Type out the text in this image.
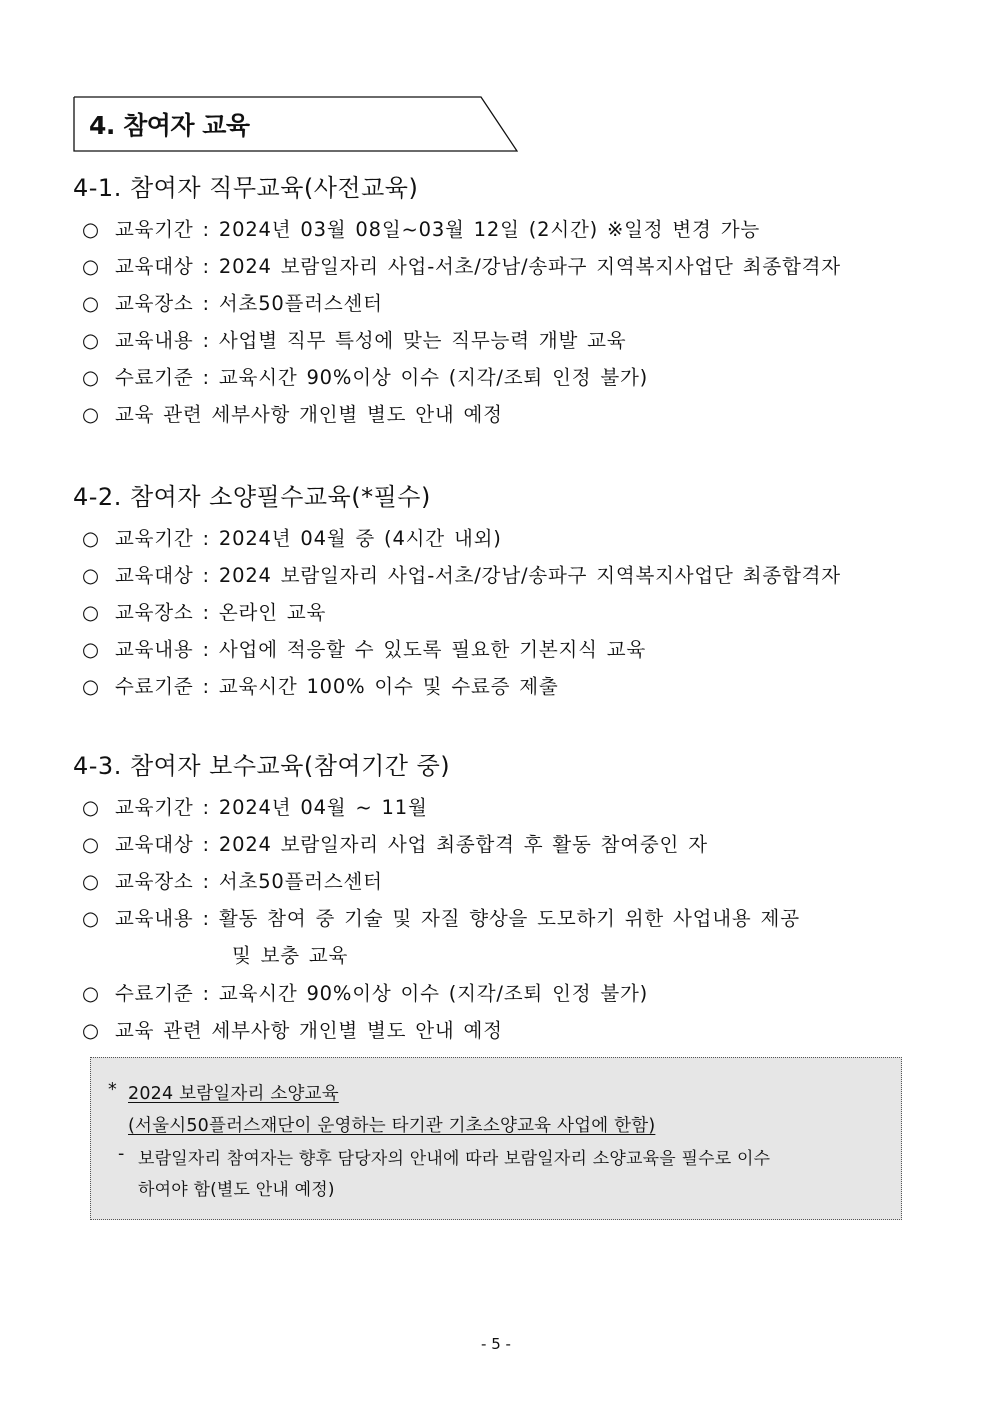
4. 참여자 교육
4-1. 참여자 직무교육(사전교육)
○ 교육기간 : 2024년 03월 08일~03월 12일 (2시간) ※일정 변경 가능
○ 교육대상 : 2024 보람일자리 사업-서초/강남/송파구 지역복지사업단 최종합격자
○ 교육장소 : 서초50플러스센터
○ 교육내용 : 사업별 직무 특성에 맞는 직무능력 개발 교육
○ 수료기준 : 교육시간 90%이상 이수 (지각/조퇴 인정 불가)
○ 교육 관련 세부사항 개인별 별도 안내 예정
4-2. 참여자 소양필수교육(*필수)
○ 교육기간 : 2024년 04월 중 (4시간 내외)
○ 교육대상 : 2024 보람일자리 사업-서초/강남/송파구 지역복지사업단 최종합격자
○ 교육장소 : 온라인 교육
○ 교육내용 : 사업에 적응할 수 있도록 필요한 기본지식 교육
○ 수료기준 : 교육시간 100% 이수 및 수료증 제출
4-3. 참여자 보수교육(참여기간 중)
○ 교육기간 : 2024년 04월 ~ 11월
○ 교육대상 : 2024 보람일자리 사업 최종합격 후 활동 참여중인 자
○ 교육장소 : 서초50플러스센터
○ 교육내용 : 활동 참여 중 기술 및 자질 향상을 도모하기 위한 사업내용 제공
및 보충 교육
○ 수료기준 : 교육시간 90%이상 이수 (지각/조퇴 인정 불가)
○ 교육 관련 세부사항 개인별 별도 안내 예정
* 2024 보람일자리 소양교육
(서울시50플러스재단이 운영하는 타기관 기초소양교육 사업에 한함)
- 보람일자리 참여자는 향후 담당자의 안내에 따라 보람일자리 소양교육을 필수로 이수
하여야 함(별도 안내 예정)
- 5 -
